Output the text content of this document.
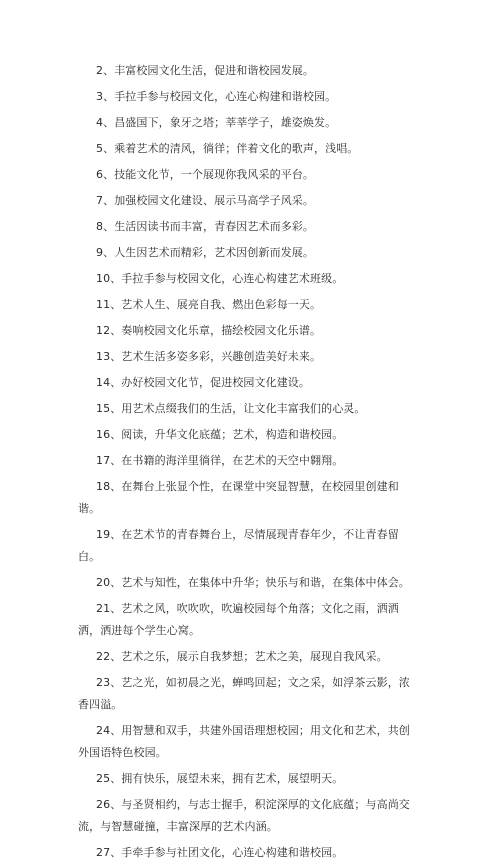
2、丰富校园文化生活，促进和谐校园发展。
3、手拉手参与校园文化，心连心构建和谐校园。
4、昌盛国下，象牙之塔；莘莘学子，雄姿焕发。
5、乘着艺术的清风，徜徉；伴着文化的歌声，浅唱。
6、技能文化节，一个展现你我风采的平台。
7、加强校园文化建设、展示马高学子风采。
8、生活因读书而丰富，青春因艺术而多彩。
9、人生因艺术而精彩，艺术因创新而发展。
10、手拉手参与校园文化，心连心构建艺术班级。
11、艺术人生、展亮自我、燃出色彩每一天。
12、奏响校园文化乐章，描绘校园文化乐谱。
13、艺术生活多姿多彩，兴趣创造美好未来。
14、办好校园文化节，促进校园文化建设。
15、用艺术点缀我们的生活，让文化丰富我们的心灵。
16、阅读，升华文化底蕴；艺术，构造和谐校园。
17、在书籍的海洋里徜徉，在艺术的天空中翱翔。
18、在舞台上张显个性，在课堂中突显智慧，在校园里创建和谐。
19、在艺术节的青春舞台上，尽情展现青春年少，不让青春留白。
20、艺术与知性，在集体中升华；快乐与和谐，在集体中体会。
21、艺术之风，吹吹吹，吹遍校园每个角落；文化之雨，洒洒洒，洒进每个学生心窝。
22、艺术之乐，展示自我梦想；艺术之美，展现自我风采。
23、艺之光，如初晨之光，蝉鸣回起；文之采，如浮茶云影，浓香四溢。
24、用智慧和双手，共建外国语理想校园；用文化和艺术，共创外国语特色校园。
25、拥有快乐，展望未来，拥有艺术，展望明天。
26、与圣贤相约，与志士握手，积淀深厚的文化底蕴；与高尚交流，与智慧碰撞，丰富深厚的艺术内涵。
27、手牵手参与社团文化，心连心构建和谐校园。
